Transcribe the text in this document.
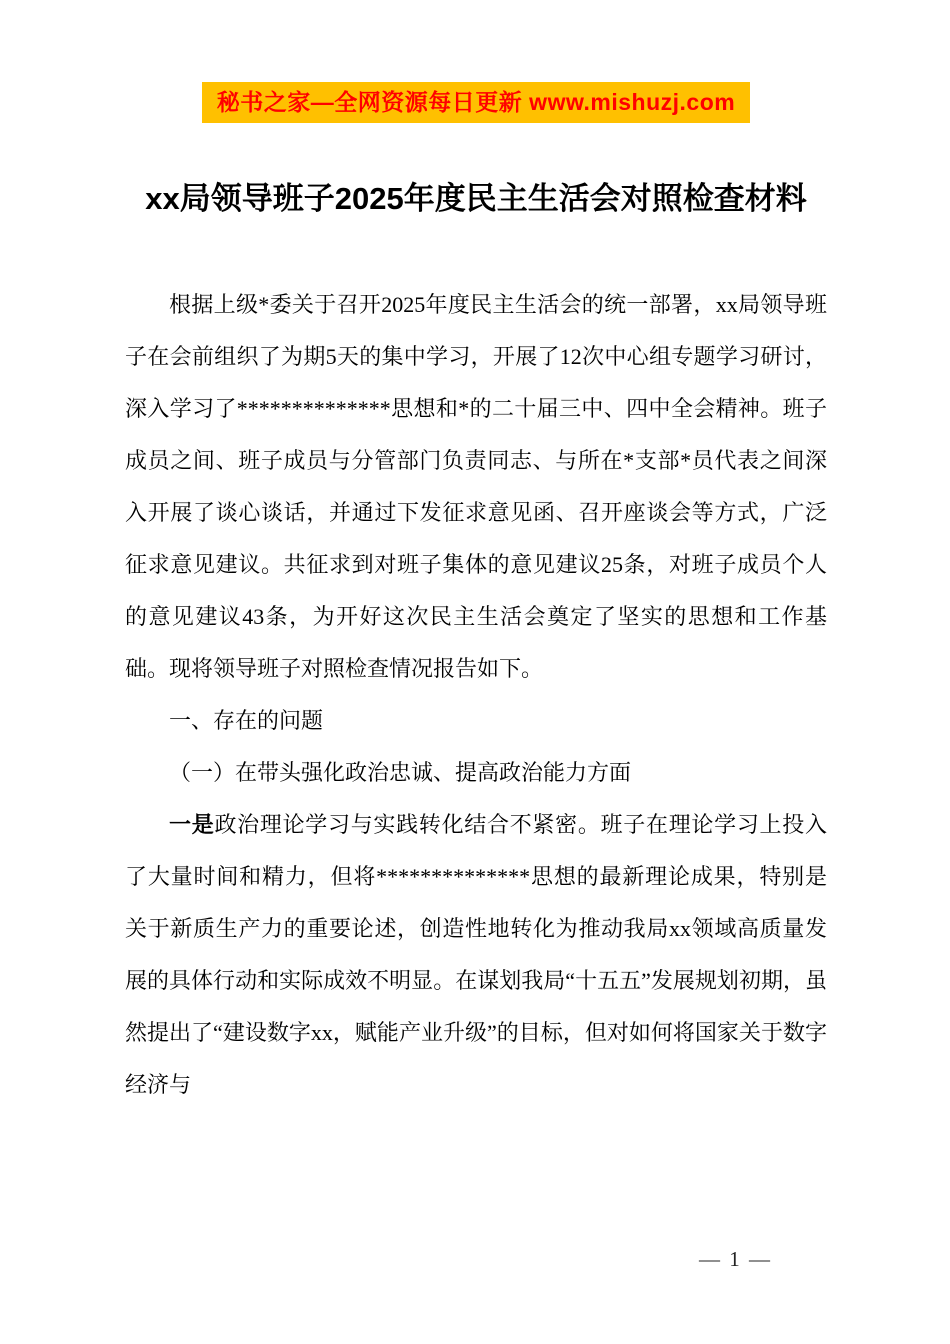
秘书之家—全网资源每日更新 www.mishuzj.com
xx局领导班子2025年度民主生活会对照检查材料

根据上级*委关于召开2025年度民主生活会的统一部署，xx局领导班子在会前组织了为期5天的集中学习，开展了12次中心组专题学习研讨，深入学习了**************思想和*的二十届三中、四中全会精神。班子成员之间、班子成员与分管部门负责同志、与所在*支部*员代表之间深入开展了谈心谈话，并通过下发征求意见函、召开座谈会等方式，广泛征求意见建议。共征求到对班子集体的意见建议25条，对班子成员个人的意见建议43条，为开好这次民主生活会奠定了坚实的思想和工作基础。现将领导班子对照检查情况报告如下。

一、存在的问题

（一）在带头强化政治忠诚、提高政治能力方面

一是政治理论学习与实践转化结合不紧密。班子在理论学习上投入了大量时间和精力，但将**************思想的最新理论成果，特别是关于新质生产力的重要论述，创造性地转化为推动我局xx领域高质量发展的具体行动和实际成效不明显。在谋划我局“十五五”发展规划初期，虽然提出了“建设数字xx，赋能产业升级”的目标，但对如何将国家关于数字经济与

— 1 —
